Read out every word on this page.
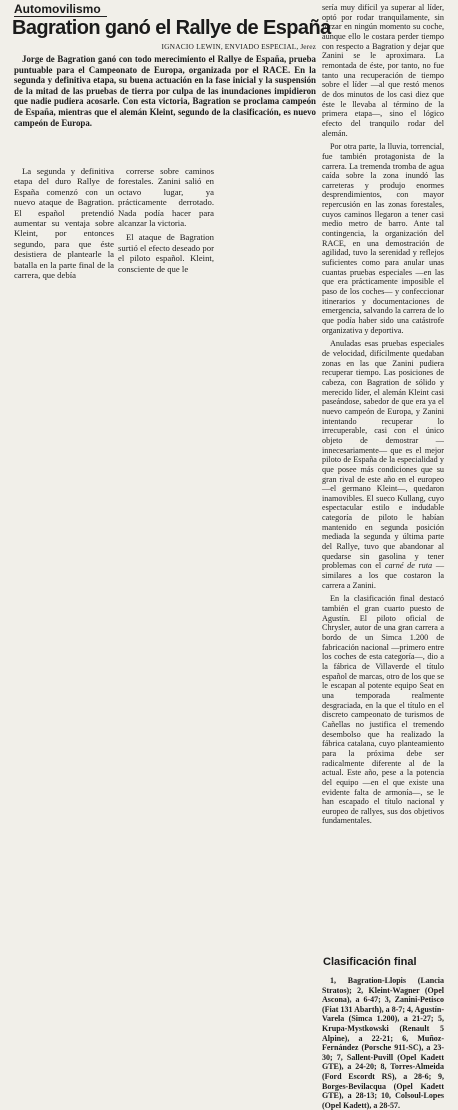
Automovilismo
Bagration ganó el Rallye de España
IGNACIO LEWIN, ENVIADO ESPECIAL, Jerez

Jorge de Bagration ganó con todo merecimiento el Rallye de España, prueba puntuable para el Campeonato de Europa, organizada por el RACE. En la segunda y definitiva etapa, su buena actuación en la fase inicial y la suspensión de la mitad de las pruebas de tierra por culpa de las inundaciones impidieron que nadie pudiera acosarle. Con esta victoria, Bagration se proclama campeón de España, mientras que el alemán Kleint, segundo de la clasificación, es nuevo campeón de Europa.

La segunda y definitiva etapa del duro Rallye de España comenzó con un nuevo ataque de Bagration. El español pretendió aumentar su ventaja sobre Kleint, por entonces segundo, para que éste desistiera de plantearle la batalla en la parte final de la carrera, que debía

correrse sobre caminos forestales. Zanini salió en octavo lugar, ya prácticamente derrotado. Nada podía hacer para alcanzar la victoria.

El ataque de Bagration surtió el efecto deseado por el piloto español. Kleint, consciente de que le

sería muy difícil ya superar al líder, optó por rodar tranquilamente, sin forzar en ningún momento su coche, aunque ello le costara perder tiempo con respecto a Bagration y dejar que Zanini se le aproximara. La remontada de éste, por tanto, no fue tanto una recuperación de tiempo sobre el líder —al que restó menos de dos minutos de los casi diez que éste le llevaba al término de la primera etapa—, sino el lógico efecto del tranquilo rodar del alemán.

Por otra parte, la lluvia, torrencial, fue también protagonista de la carrera. La tremenda tromba de agua caída sobre la zona inundó las carreteras y produjo enormes desprendimientos, con mayor repercusión en las zonas forestales, cuyos caminos llegaron a tener casi medio metro de barro. Ante tal contingencia, la organización del RACE, en una demostración de agilidad, tuvo la serenidad y reflejos suficientes como para anular unas cuantas pruebas especiales —en las que era prácticamente imposible el paso de los coches— y confeccionar itinerarios y documentaciones de emergencia, salvando la carrera de lo que podía haber sido una catástrofe organizativa y deportiva.

Anuladas esas pruebas especiales de velocidad, difícilmente quedaban zonas en las que Zanini pudiera recuperar tiempo. Las posiciones de cabeza, con Bagration de sólido y merecido líder, el alemán Kleint casi paseándose, sabedor de que era ya el nuevo campeón de Europa, y Zanini intentando recuperar lo irrecuperable, casi con el único objeto de demostrar —innecesariamente— que es el mejor piloto de España de la especialidad y que posee más condiciones que su gran rival de este año en el europeo —el germano Kleint—, quedaron inamovibles. El sueco Kullang, cuyo espectacular estilo e indudable categoría de piloto le habían mantenido en segunda posición mediada la segunda y última parte del Rallye, tuvo que abandonar al quedarse sin gasolina y tener problemas con el carné de ruta —similares a los que costaron la carrera a Zanini.

En la clasificación final destacó también el gran cuarto puesto de Agustín. El piloto oficial de Chrysler, autor de una gran carrera a bordo de un Simca 1.200 de fabricación nacional —primero entre los coches de esta categoría—, dio a la fábrica de Villaverde el título español de marcas, otro de los que se le escapan al potente equipo Seat en una temporada realmente desgraciada, en la que el título en el discreto campeonato de turismos de Cañellas no justifica el tremendo desembolso que ha realizado la fábrica catalana, cuyo planteamiento para la próxima debe ser radicalmente diferente al de la actual. Este año, pese a la potencia del equipo —en el que existe una evidente falta de armonía—, se le han escapado el título nacional y europeo de rallyes, sus dos objetivos fundamentales.

Clasificación final

1, Bagration-Llopis (Lancia Stratos); 2, Kleint-Wagner (Opel Ascona), a 6-47; 3, Zanini-Petisco (Fiat 131 Abarth), a 8-7; 4, Agustín-Varela (Simca 1.200), a 21-27; 5, Krupa-Mystkowski (Renault 5 Alpine), a 22-21; 6, Muñoz-Fernández (Porsche 911-SC), a 23-30; 7, Sallent-Puvill (Opel Kadett GTE), a 24-20; 8, Torres-Almeida (Ford Escordt RS), a 28-6; 9, Borges-Bevilacqua (Opel Kadett GTE), a 28-13; 10, Colsoul-Lopes (Opel Kadett), a 28-57.
